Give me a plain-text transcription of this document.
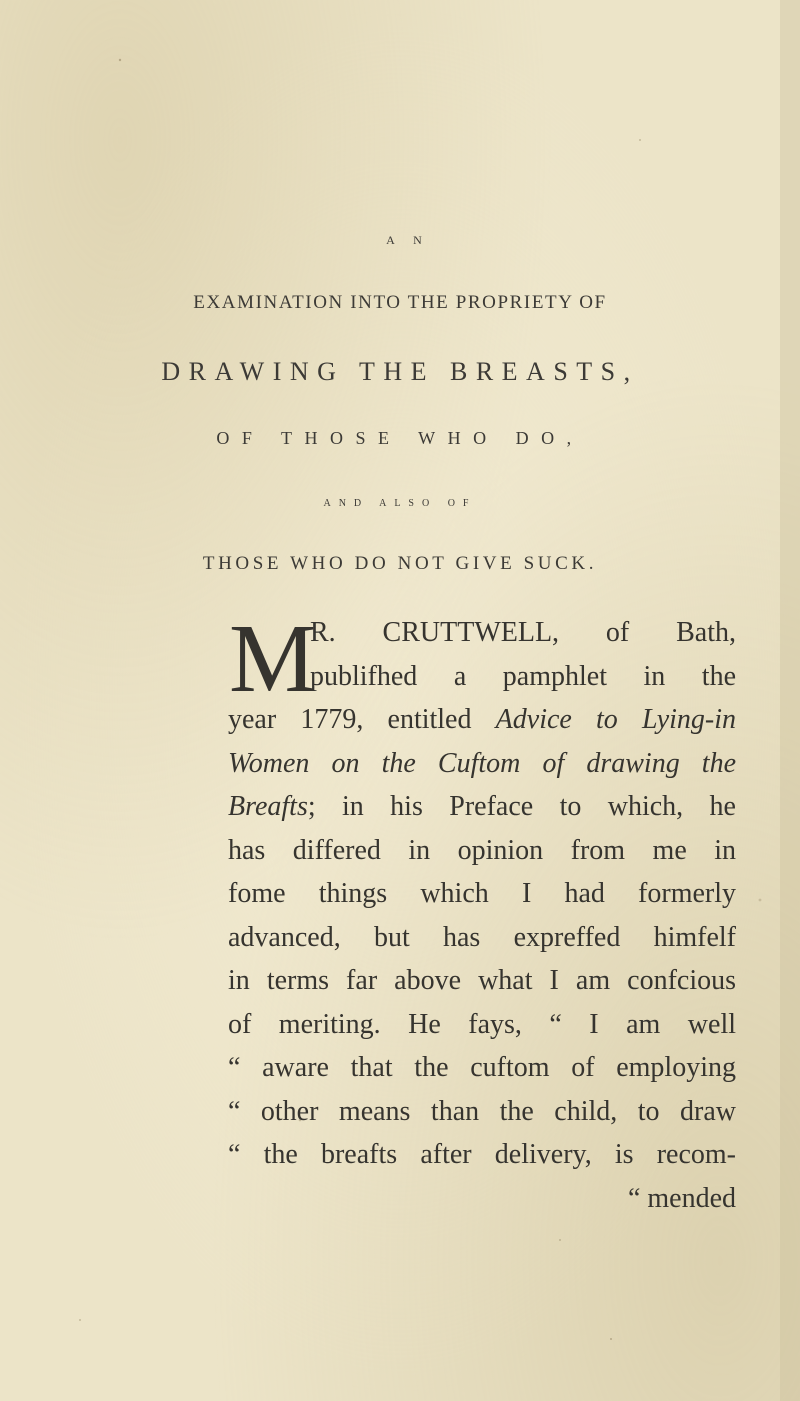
A N
EXAMINATION INTO THE PROPRIETY OF
DRAWING THE BREASTS,
OF THOSE WHO DO,
AND ALSO OF
THOSE WHO DO NOT GIVE SUCK.
M
R. CRUTTWELL, of Bath,
publifhed a pamphlet in the
year 1779, entitled Advice to Lying-in
Women on the Cuftom of drawing the
Breafts; in his Preface to which, he
has differed in opinion from me in
fome things which I had formerly
advanced, but has expreffed himfelf
in terms far above what I am confcious
of meriting. He fays, “ I am well
“ aware that the cuftom of employing
“ other means than the child, to draw
“ the breafts after delivery, is recom-
“ mended
